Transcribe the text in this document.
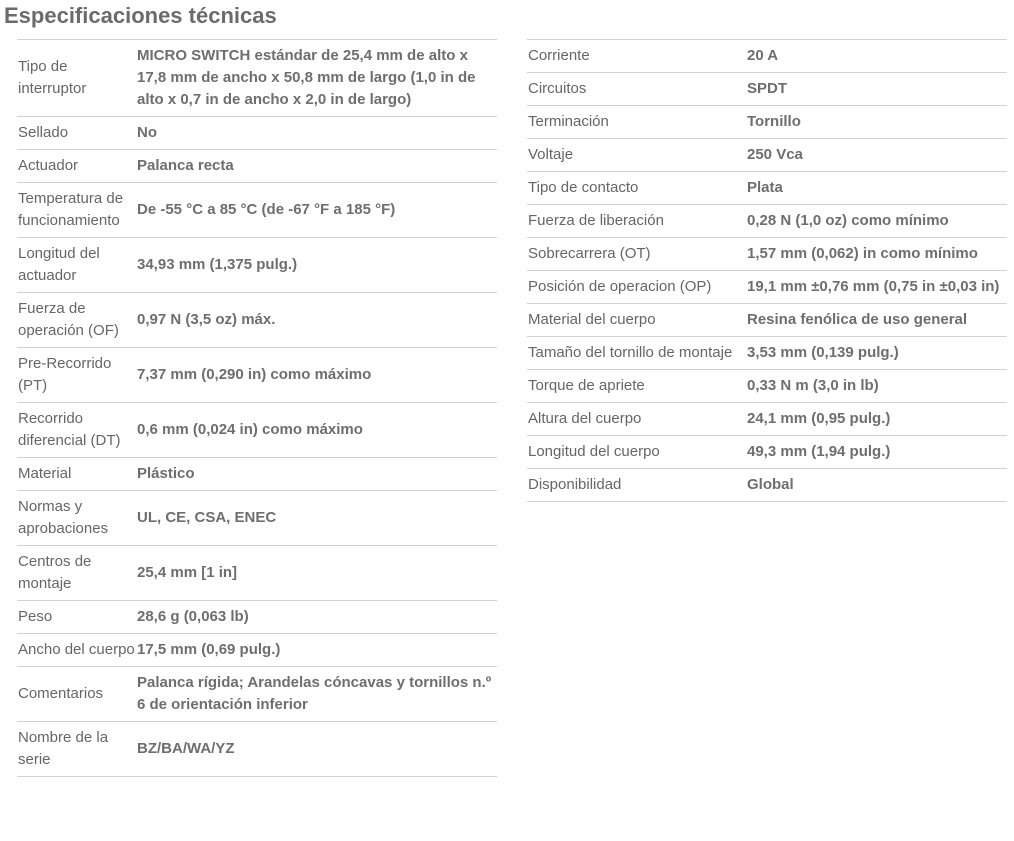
Especificaciones técnicas
Tipo de interruptor	MICRO SWITCH estándar de 25,4 mm de alto x 17,8 mm de ancho x 50,8 mm de largo (1,0 in de alto x 0,7 in de ancho x 2,0 in de largo)
Sellado	No
Actuador	Palanca recta
Temperatura de funcionamiento	De -55 °C a 85 °C (de -67 °F a 185 °F)
Longitud del actuador	34,93 mm (1,375 pulg.)
Fuerza de operación (OF)	0,97 N (3,5 oz) máx.
Pre-Recorrido (PT)	7,37 mm (0,290 in) como máximo
Recorrido diferencial (DT)	0,6 mm (0,024 in) como máximo
Material	Plástico
Normas y aprobaciones	UL, CE, CSA, ENEC
Centros de montaje	25,4 mm [1 in]
Peso	28,6 g (0,063 lb)
Ancho del cuerpo	17,5 mm (0,69 pulg.)
Comentarios	Palanca rígida; Arandelas cóncavas y tornillos n.º 6 de orientación inferior
Nombre de la serie	BZ/BA/WA/YZ
Corriente	20 A
Circuitos	SPDT
Terminación	Tornillo
Voltaje	250 Vca
Tipo de contacto	Plata
Fuerza de liberación	0,28 N (1,0 oz) como mínimo
Sobrecarrera (OT)	1,57 mm (0,062) in como mínimo
Posición de operacion (OP)	19,1 mm ±0,76 mm (0,75 in ±0,03 in)
Material del cuerpo	Resina fenólica de uso general
Tamaño del tornillo de montaje	3,53 mm (0,139 pulg.)
Torque de apriete	0,33 N m (3,0 in lb)
Altura del cuerpo	24,1 mm (0,95 pulg.)
Longitud del cuerpo	49,3 mm (1,94 pulg.)
Disponibilidad	Global
